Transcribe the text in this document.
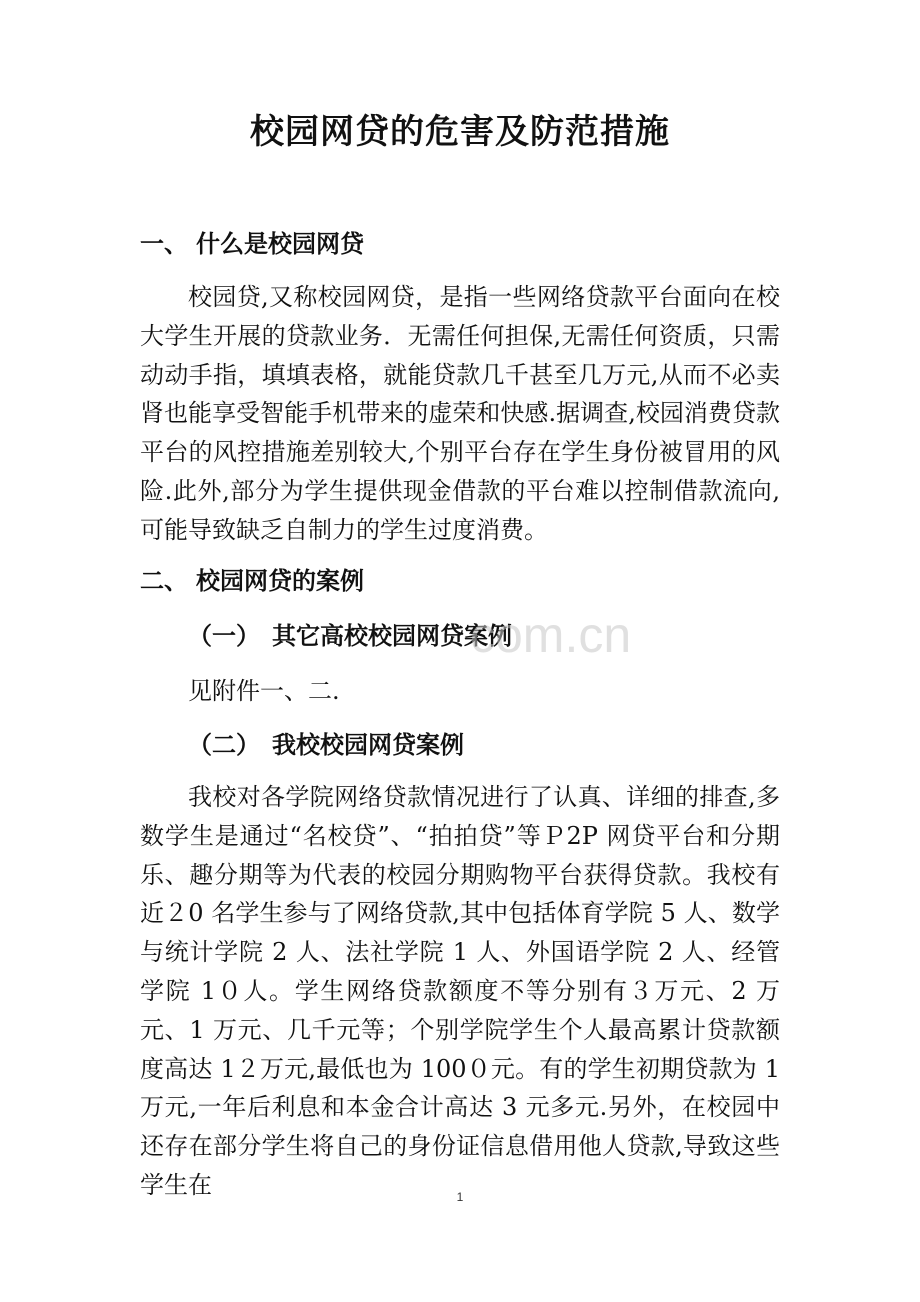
校园网贷的危害及防范措施
一、 什么是校园网贷

校园贷,又称校园网贷，是指一些网络贷款平台面向在校大学生开展的贷款业务．无需任何担保,无需任何资质，只需动动手指，填填表格，就能贷款几千甚至几万元,从而不必卖肾也能享受智能手机带来的虚荣和快感.据调查,校园消费贷款平台的风控措施差别较大,个别平台存在学生身份被冒用的风险.此外,部分为学生提供现金借款的平台难以控制借款流向,可能导致缺乏自制力的学生过度消费。

二、 校园网贷的案例
（一） 其它高校校园网贷案例
见附件一、二.
（二） 我校校园网贷案例

我校对各学院网络贷款情况进行了认真、详细的排查,多数学生是通过“名校贷”、“拍拍贷”等Ｐ2P 网贷平台和分期乐、趣分期等为代表的校园分期购物平台获得贷款。我校有近２0 名学生参与了网络贷款,其中包括体育学院 5 人、数学与统计学院 2 人、法社学院 1 人、外国语学院 2 人、经管学院 1０人。学生网络贷款额度不等分别有３万元、2 万元、1 万元、几千元等；个别学院学生个人最高累计贷款额度高达 1２万元,最低也为 100０元。有的学生初期贷款为 1 万元,一年后利息和本金合计高达 3 元多元.另外，在校园中还存在部分学生将自己的身份证信息借用他人贷款,导致这些学生在

com.cn
1
